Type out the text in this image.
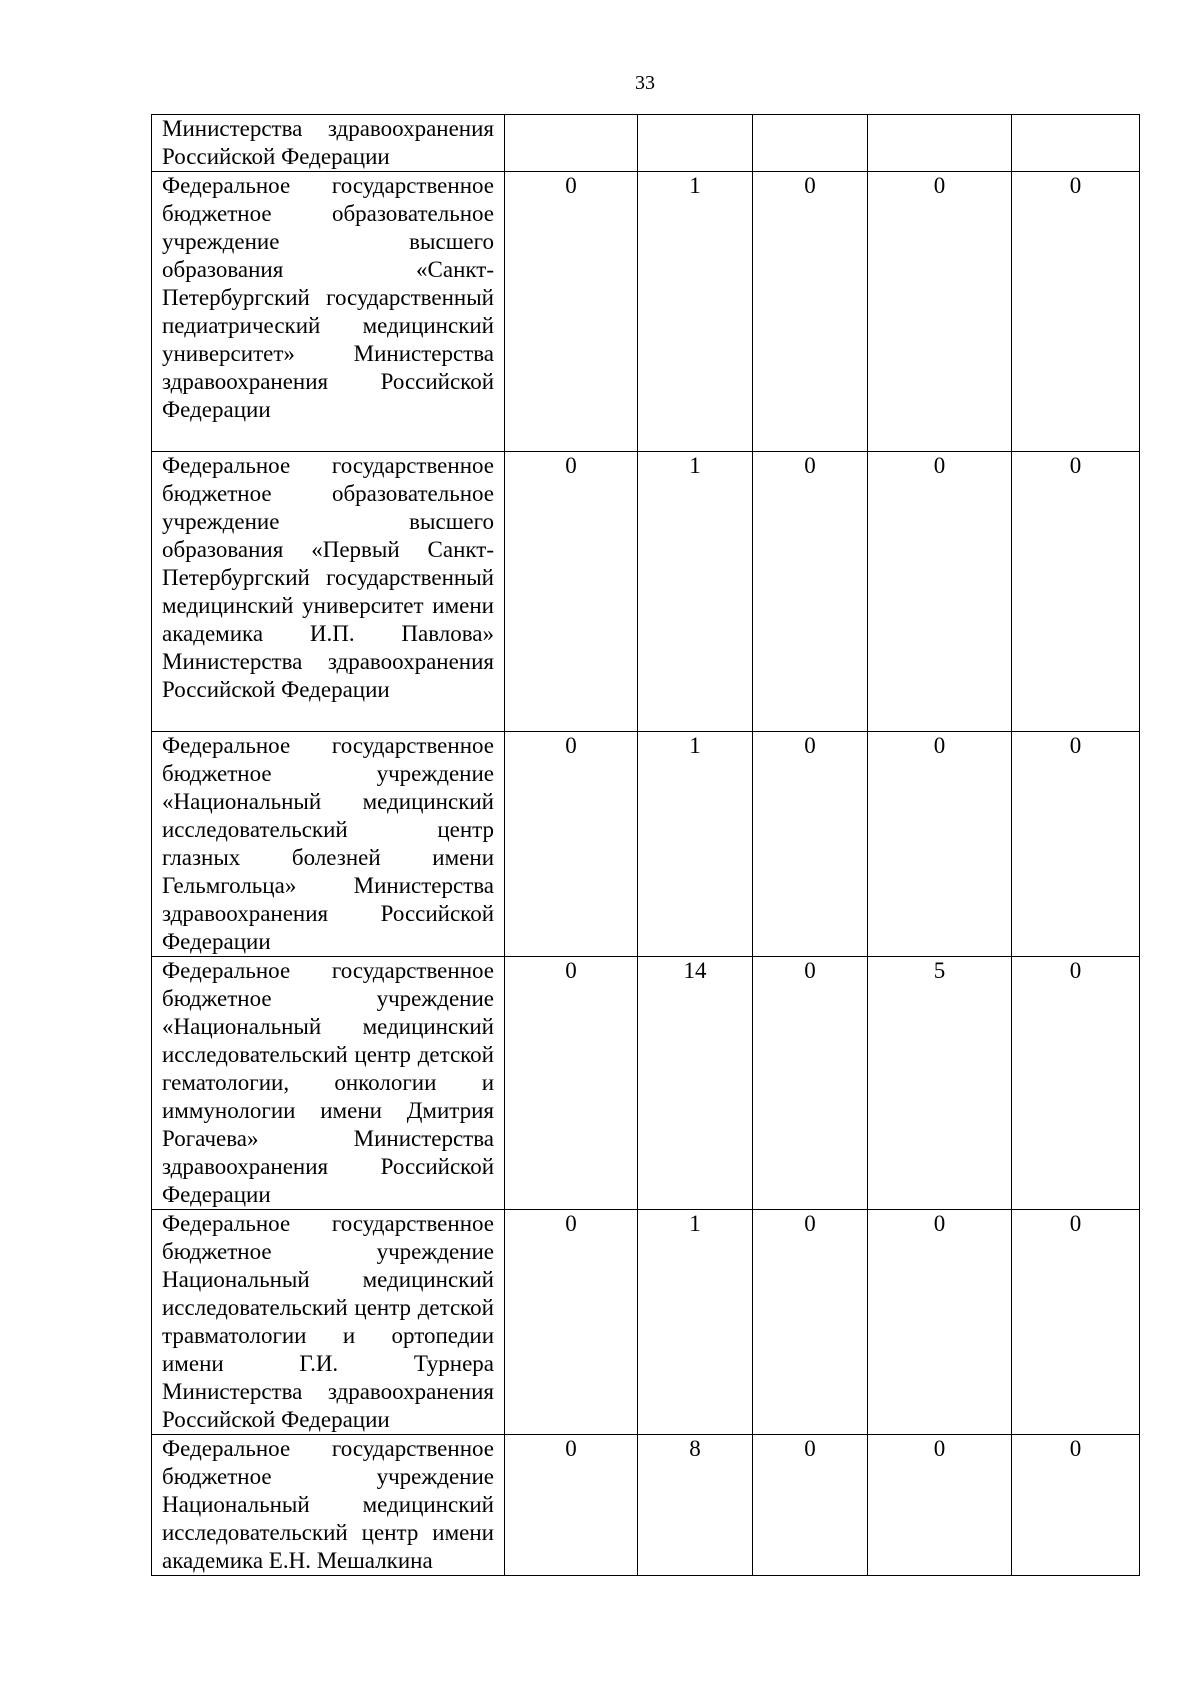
33
Министерства здравоохранения Российской Федерации					
Федеральное государственное бюджетное образовательное учреждение высшего образования «Санкт-Петербургский государственный педиатрический медицинский университет» Министерства здравоохранения Российской Федерации	0	1	0	0	0
Федеральное государственное бюджетное образовательное учреждение высшего образования «Первый Санкт-Петербургский государственный медицинский университет имени академика И.П. Павлова» Министерства здравоохранения Российской Федерации	0	1	0	0	0
Федеральное государственное бюджетное учреждение «Национальный медицинский исследовательский центр глазных болезней имени Гельмгольца» Министерства здравоохранения Российской Федерации	0	1	0	0	0
Федеральное государственное бюджетное учреждение «Национальный медицинский исследовательский центр детской гематологии, онкологии и иммунологии имени Дмитрия Рогачева» Министерства здравоохранения Российской Федерации	0	14	0	5	0
Федеральное государственное бюджетное учреждение Национальный медицинский исследовательский центр детской травматологии и ортопедии имени Г.И. Турнера Министерства здравоохранения Российской Федерации	0	1	0	0	0
Федеральное государственное бюджетное учреждение Национальный медицинский исследовательский центр имени академика Е.Н. Мешалкина	0	8	0	0	0
